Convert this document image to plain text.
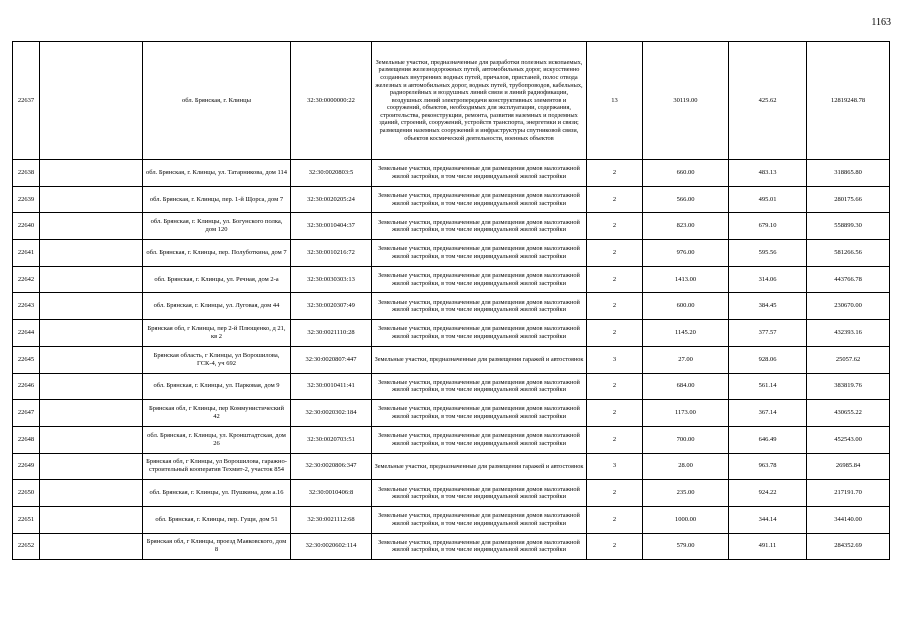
1163
22637		обл. Брянская, г. Клинцы	32:30:0000000:22	Земельные участки, предназначенные для разработки полезных ископаемых, размещения железнодорожных путей, автомобильных дорог, искусственно созданных внутренних водных путей, причалов, пристаней, полос отвода железных и автомобильных дорог, водных путей, трубопроводов, кабельных, радиорелейных и воздушных линий связи и линий радиофикации, воздушных линий электропередачи конструктивных элементов и сооружений, объектов, необходимых для эксплуатации, содержания, строительства, реконструкции, ремонта, развития наземных и подземных зданий, строений, сооружений, устройств транспорта, энергетики и связи; размещения наземных сооружений и инфраструктуры спутниковой связи, объектов космической деятельности, военных объектов	13	30119.00	425.62	12819248.78
22638		обл. Брянская, г. Клинцы, ул. Татарникова, дом 114	32:30:0020803:5	Земельные участки, предназначенные для размещения домов малоэтажной жилой застройки, в том числе индивидуальной жилой застройки	2	660.00	483.13	318865.80
22639		обл. Брянская, г. Клинцы, пер. 1-й Щорса, дом 7	32:30:0020205:24	Земельные участки, предназначенные для размещения домов малоэтажной жилой застройки, в том числе индивидуальной жилой застройки	2	566.00	495.01	280175.66
22640		обл. Брянская, г. Клинцы, ул. Богунского полка, дом 120	32:30:0010404:37	Земельные участки, предназначенные для размещения домов малоэтажной жилой застройки, в том числе индивидуальной жилой застройки	2	823.00	679.10	558899.30
22641		обл. Брянская, г. Клинцы, пер. Полуботкина, дом 7	32:30:0010216:72	Земельные участки, предназначенные для размещения домов малоэтажной жилой застройки, в том числе индивидуальной жилой застройки	2	976.00	595.56	581266.56
22642		обл. Брянская, г. Клинцы, ул. Речная, дом 2-а	32:30:0030303:13	Земельные участки, предназначенные для размещения домов малоэтажной жилой застройки, в том числе индивидуальной жилой застройки	2	1413.00	314.06	443766.78
22643		обл. Брянская, г. Клинцы, ул. Луговая, дом 44	32:30:0020307:49	Земельные участки, предназначенные для размещения домов малоэтажной жилой застройки, в том числе индивидуальной жилой застройки	2	600.00	384.45	230670.00
22644		Брянская обл, г Клинцы, пер 2-й Плющенко, д 21, кв 2	32:30:0021110:28	Земельные участки, предназначенные для размещения домов малоэтажной жилой застройки, в том числе индивидуальной жилой застройки	2	1145.20	377.57	432393.16
22645		Брянская область, г Клинцы, ул Ворошилова, ГСК-4, уч 692	32:30:0020807:447	Земельные участки, предназначенные для размещения гаражей и автостоянок	3	27.00	928.06	25057.62
22646		обл. Брянская, г. Клинцы, ул. Парковая, дом 9	32:30:0010411:41	Земельные участки, предназначенные для размещения домов малоэтажной жилой застройки, в том числе индивидуальной жилой застройки	2	684.00	561.14	383819.76
22647		Брянская обл, г Клинцы, пер Коммунистический 42	32:30:0020302:184	Земельные участки, предназначенные для размещения домов малоэтажной жилой застройки, в том числе индивидуальной жилой застройки	2	1173.00	367.14	430655.22
22648		обл. Брянская, г. Клинцы, ул. Кронштадтская, дом 26	32:30:0020703:51	Земельные участки, предназначенные для размещения домов малоэтажной жилой застройки, в том числе индивидуальной жилой застройки	2	700.00	646.49	452543.00
22649		Брянская обл, г Клинцы, ул Ворошилова, гаражно-строительный кооператив Техмит-2, участок 854	32:30:0020806:347	Земельные участки, предназначенные для размещения гаражей и автостоянок	3	28.00	963.78	26985.84
22650		обл. Брянская, г. Клинцы, ул. Пушкина, дом а.16	32:30:0010406:8	Земельные участки, предназначенные для размещения домов малоэтажной жилой застройки, в том числе индивидуальной жилой застройки	2	235.00	924.22	217191.70
22651		обл. Брянская, г. Клинцы, пер. Гущи, дом 51	32:30:0021112:68	Земельные участки, предназначенные для размещения домов малоэтажной жилой застройки, в том числе индивидуальной жилой застройки	2	1000.00	344.14	344140.00
22652		Брянская обл, г Клинцы, проезд Маяковского, дом 8	32:30:0020602:114	Земельные участки, предназначенные для размещения домов малоэтажной жилой застройки, в том числе индивидуальной жилой застройки	2	579.00	491.11	284352.69
